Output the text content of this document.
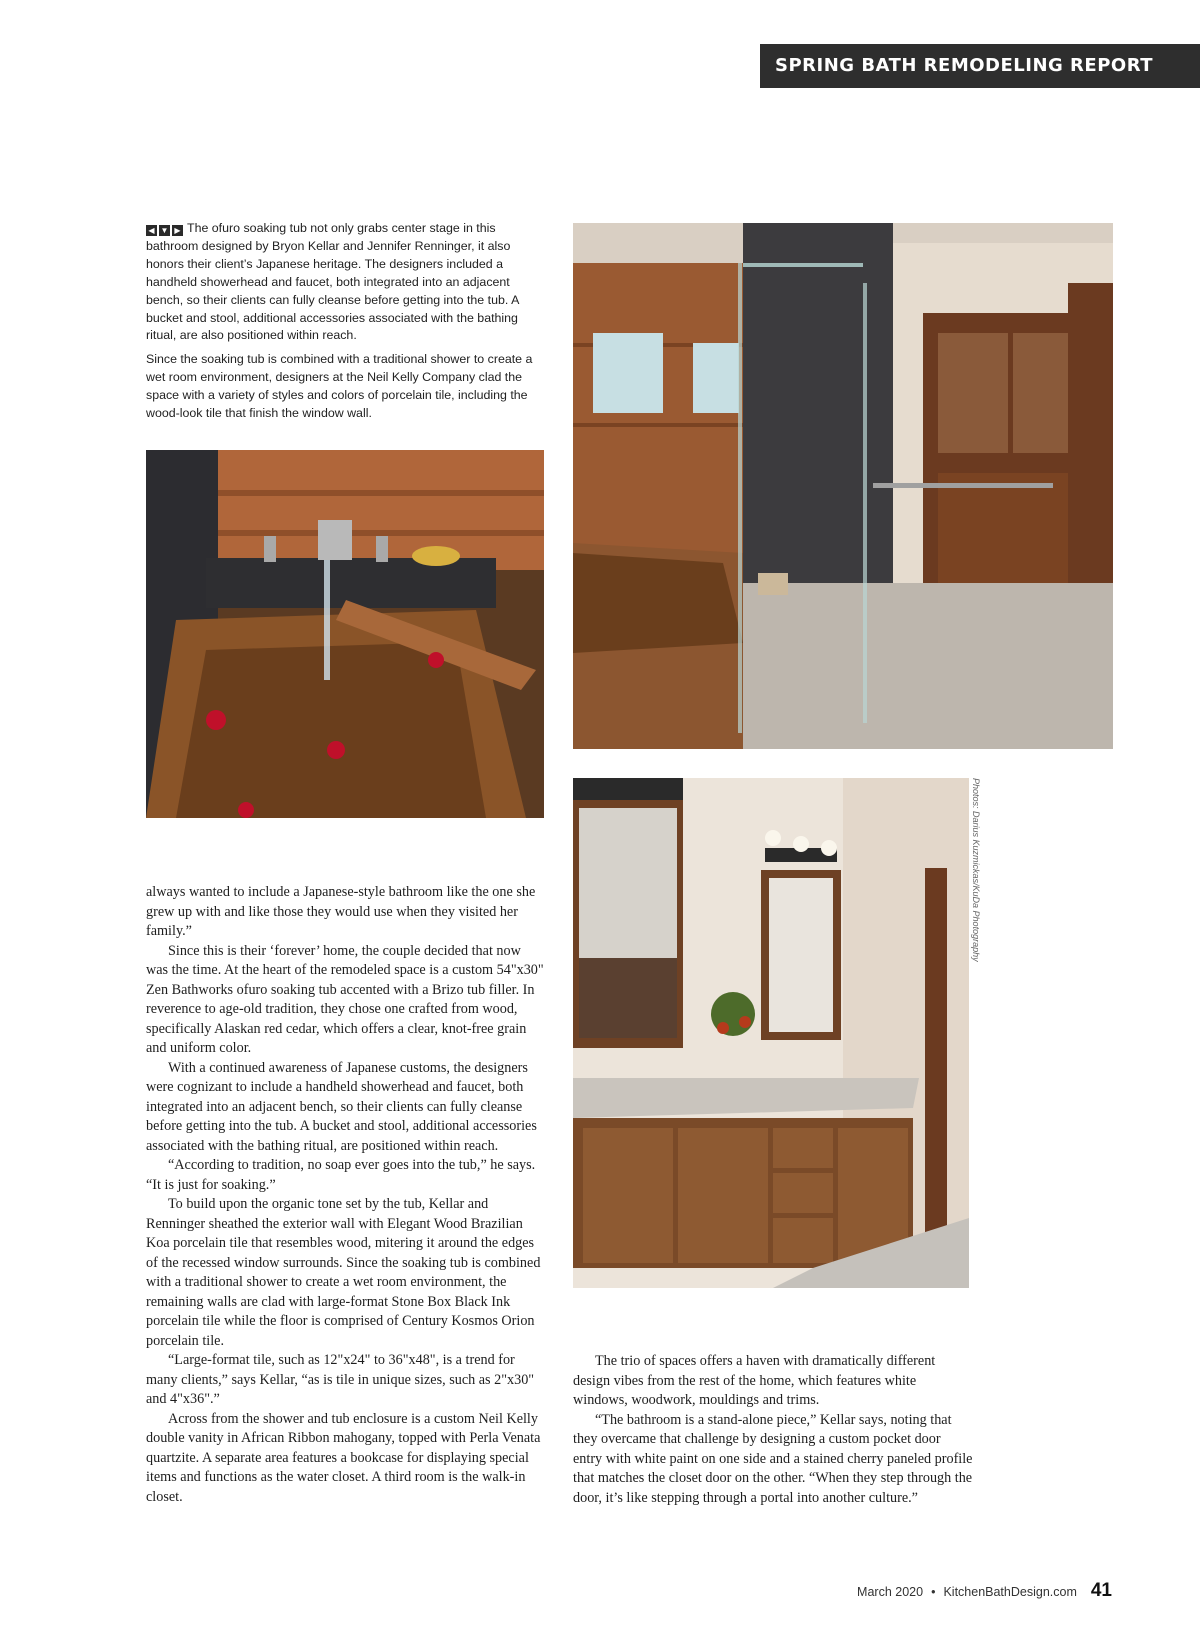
SPRING BATH REMODELING REPORT

◀ ▼ ▶ The ofuro soaking tub not only grabs center stage in this bathroom designed by Bryon Kellar and Jennifer Renninger, it also honors their client’s Japanese heritage. The designers included a handheld showerhead and faucet, both integrated into an adjacent bench, so their clients can fully cleanse before getting into the tub. A bucket and stool, additional accessories associated with the bathing ritual, are also positioned within reach.

Since the soaking tub is combined with a traditional shower to create a wet room environment, designers at the Neil Kelly Company clad the space with a variety of styles and colors of porcelain tile, including the wood-look tile that finish the window wall.

Photos: Darius Kuzmickas/KuDa Photography

always wanted to include a Japanese-style bathroom like the one she grew up with and like those they would use when they visited her family.”

Since this is their ‘forever’ home, the couple decided that now was the time. At the heart of the remodeled space is a custom 54"x30" Zen Bathworks ofuro soaking tub accented with a Brizo tub filler. In reverence to age-old tradition, they chose one crafted from wood, specifically Alaskan red cedar, which offers a clear, knot-free grain and uniform color.

With a continued awareness of Japanese customs, the designers were cognizant to include a handheld showerhead and faucet, both integrated into an adjacent bench, so their clients can fully cleanse before getting into the tub. A bucket and stool, additional accessories associated with the bathing ritual, are positioned within reach.

“According to tradition, no soap ever goes into the tub,” he says. “It is just for soaking.”

To build upon the organic tone set by the tub, Kellar and Renninger sheathed the exterior wall with Elegant Wood Brazilian Koa porcelain tile that resembles wood, mitering it around the edges of the recessed window surrounds. Since the soaking tub is combined with a traditional shower to create a wet room environment, the remaining walls are clad with large-format Stone Box Black Ink porcelain tile while the floor is comprised of Century Kosmos Orion porcelain tile.

“Large-format tile, such as 12"x24" to 36"x48", is a trend for many clients,” says Kellar, “as is tile in unique sizes, such as 2"x30" and 4"x36".”

Across from the shower and tub enclosure is a custom Neil Kelly double vanity in African Ribbon mahogany, topped with Perla Venata quartzite. A separate area features a bookcase for displaying special items and functions as the water closet. A third room is the walk-in closet.

The trio of spaces offers a haven with dramatically different design vibes from the rest of the home, which features white windows, woodwork, mouldings and trims.

“The bathroom is a stand-alone piece,” Kellar says, noting that they overcame that challenge by designing a custom pocket door entry with white paint on one side and a stained cherry paneled profile that matches the closet door on the other. “When they step through the door, it’s like stepping through a portal into another culture.”

March 2020 • KitchenBathDesign.com 41
